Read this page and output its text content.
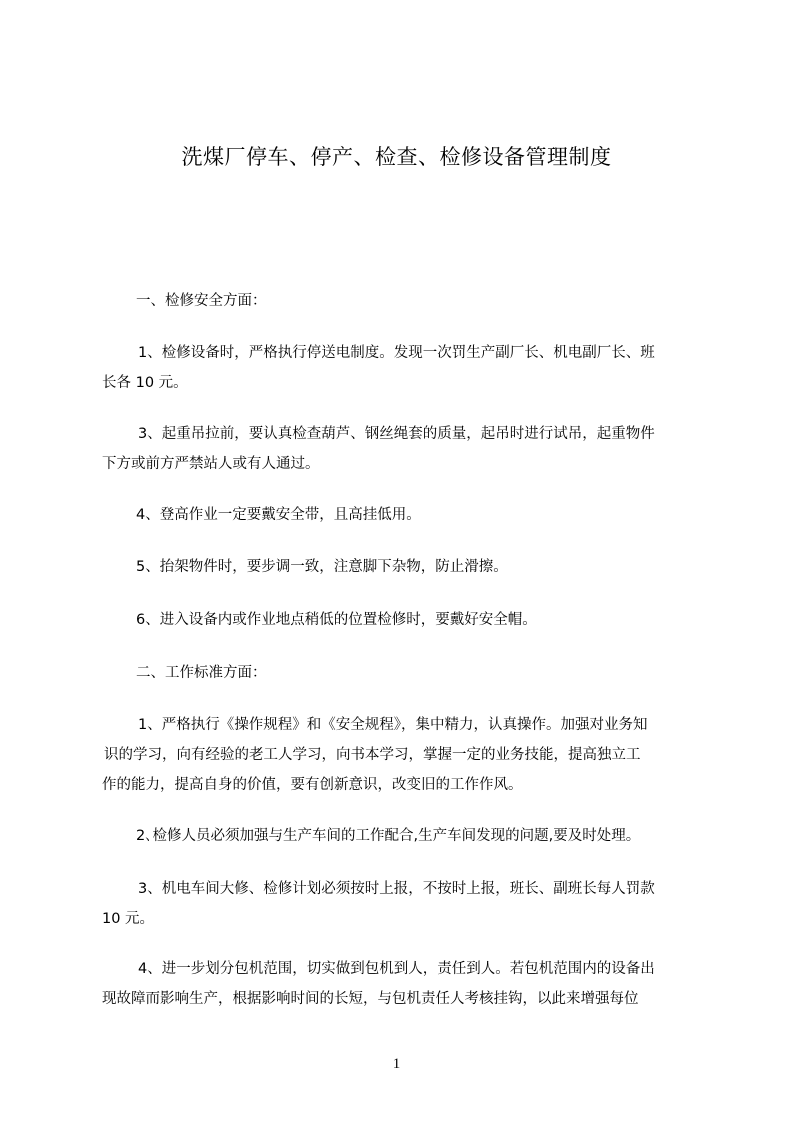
洗煤厂停车、停产、检查、检修设备管理制度
一、检修安全方面：
1、检修设备时，严格执行停送电制度。发现一次罚生产副厂长、机电副厂长、班
长各 10 元。
3、起重吊拉前，要认真检查葫芦、钢丝绳套的质量，起吊时进行试吊，起重物件
下方或前方严禁站人或有人通过。
4、登高作业一定要戴安全带，且高挂低用。
5、抬架物件时，要步调一致，注意脚下杂物，防止滑擦。
6、进入设备内或作业地点稍低的位置检修时，要戴好安全帽。
二、工作标准方面：
1、严格执行《操作规程》和《安全规程》，集中精力，认真操作。加强对业务知
识的学习，向有经验的老工人学习，向书本学习，掌握一定的业务技能，提高独立工
作的能力，提高自身的价值，要有创新意识，改变旧的工作作风。
2､检修人员必须加强与生产车间的工作配合,生产车间发现的问题,要及时处理。
3、机电车间大修、检修计划必须按时上报，不按时上报，班长、副班长每人罚款
10 元。
4、进一步划分包机范围，切实做到包机到人，责任到人。若包机范围内的设备出
现故障而影响生产，根据影响时间的长短，与包机责任人考核挂钩，以此来增强每位
1
